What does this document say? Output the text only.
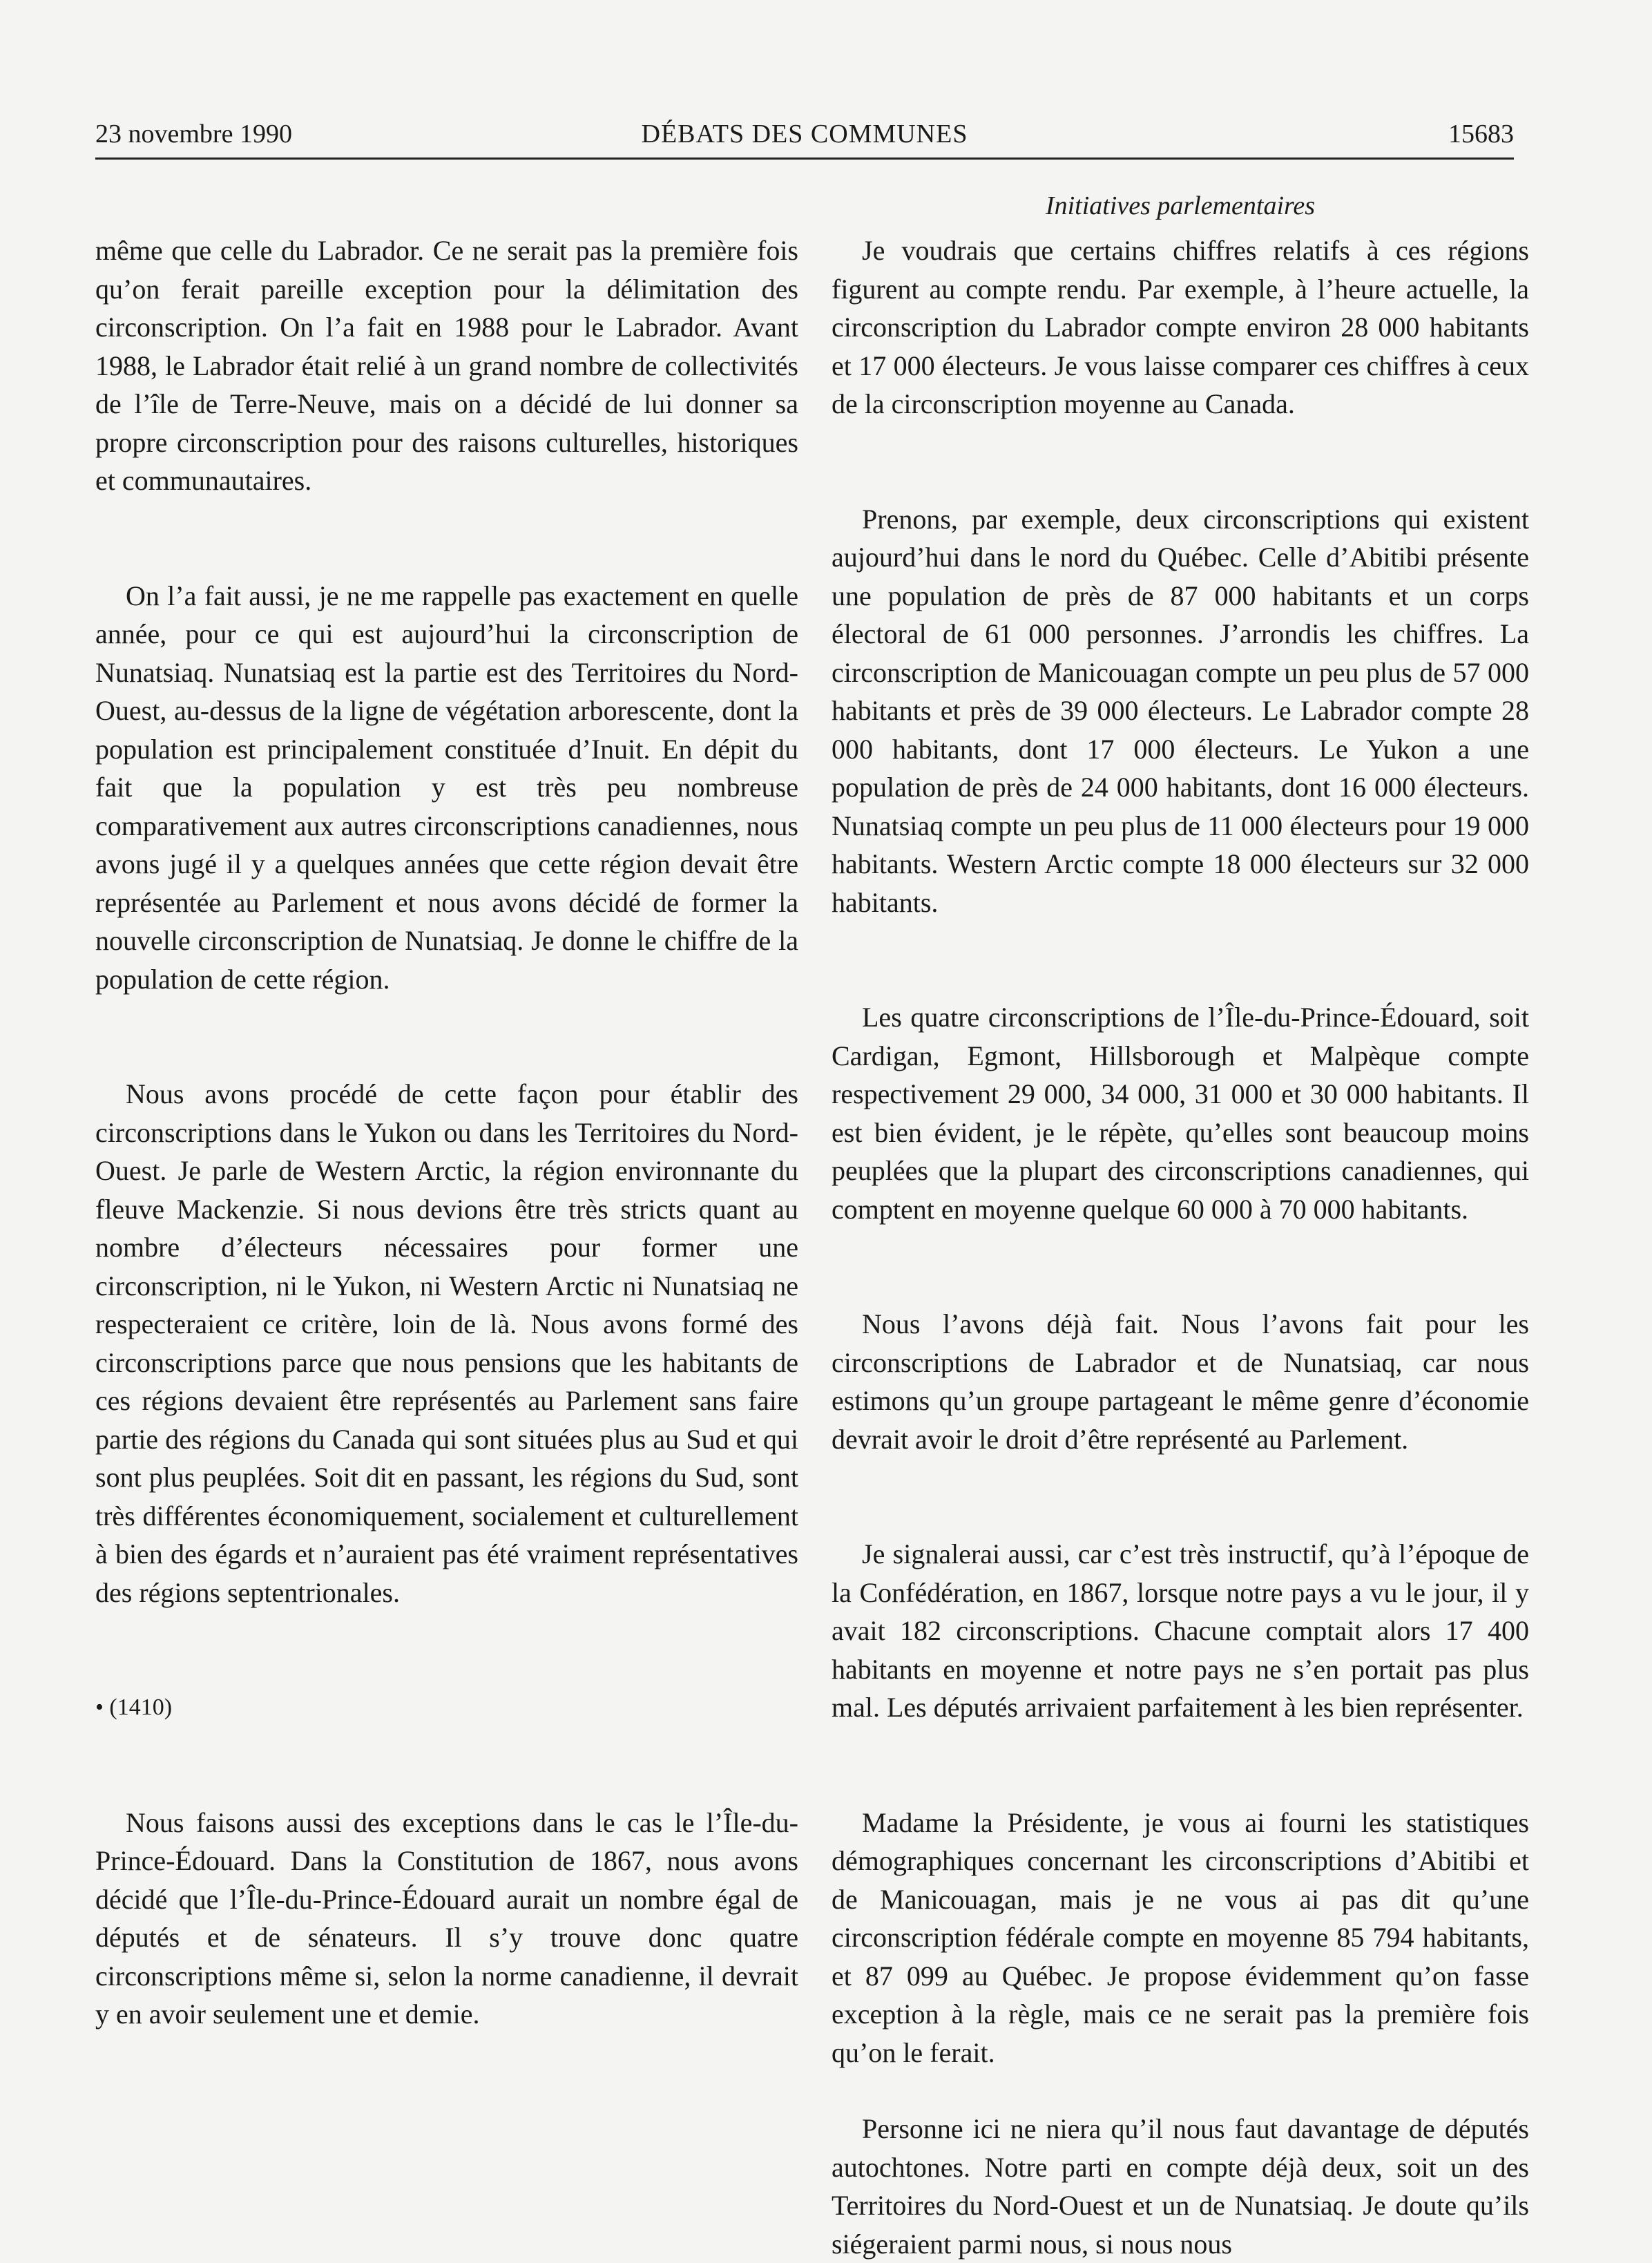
23 novembre 1990	DÉBATS DES COMMUNES	15683
Initiatives parlementaires

même que celle du Labrador. Ce ne serait pas la première fois qu’on ferait pareille exception pour la délimitation des circonscription. On l’a fait en 1988 pour le Labrador. Avant 1988, le Labrador était relié à un grand nombre de collectivités de l’île de Terre-Neuve, mais on a décidé de lui donner sa propre circonscription pour des raisons culturelles, historiques et communautaires.

On l’a fait aussi, je ne me rappelle pas exactement en quelle année, pour ce qui est aujourd’hui la circonscription de Nunatsiaq. Nunatsiaq est la partie est des Territoires du Nord-Ouest, au-dessus de la ligne de végétation arborescente, dont la population est principalement constituée d’Inuit. En dépit du fait que la population y est très peu nombreuse comparativement aux autres circonscriptions canadiennes, nous avons jugé il y a quelques années que cette région devait être représentée au Parlement et nous avons décidé de former la nouvelle circonscription de Nunatsiaq. Je donne le chiffre de la population de cette région.

Nous avons procédé de cette façon pour établir des circonscriptions dans le Yukon ou dans les Territoires du Nord-Ouest. Je parle de Western Arctic, la région environnante du fleuve Mackenzie. Si nous devions être très stricts quant au nombre d’électeurs nécessaires pour former une circonscription, ni le Yukon, ni Western Arctic ni Nunatsiaq ne respecteraient ce critère, loin de là. Nous avons formé des circonscriptions parce que nous pensions que les habitants de ces régions devaient être représentés au Parlement sans faire partie des régions du Canada qui sont situées plus au Sud et qui sont plus peuplées. Soit dit en passant, les régions du Sud, sont très différentes économiquement, socialement et culturellement à bien des égards et n’auraient pas été vraiment représentatives des régions septentrionales.

• (1410)

Nous faisons aussi des exceptions dans le cas le l’Île-du-Prince-Édouard. Dans la Constitution de 1867, nous avons décidé que l’Île-du-Prince-Édouard aurait un nombre égal de députés et de sénateurs. Il s’y trouve donc quatre circonscriptions même si, selon la norme canadienne, il devrait y en avoir seulement une et demie.

Je voudrais que certains chiffres relatifs à ces régions figurent au compte rendu. Par exemple, à l’heure actuelle, la circonscription du Labrador compte environ 28 000 habitants et 17 000 électeurs. Je vous laisse comparer ces chiffres à ceux de la circonscription moyenne au Canada.

Prenons, par exemple, deux circonscriptions qui existent aujourd’hui dans le nord du Québec. Celle d’Abitibi présente une population de près de 87 000 habitants et un corps électoral de 61 000 personnes. J’arrondis les chiffres. La circonscription de Manicouagan compte un peu plus de 57 000 habitants et près de 39 000 électeurs. Le Labrador compte 28 000 habitants, dont 17 000 électeurs. Le Yukon a une population de près de 24 000 habitants, dont 16 000 électeurs. Nunatsiaq compte un peu plus de 11 000 électeurs pour 19 000 habitants. Western Arctic compte 18 000 électeurs sur 32 000 habitants.

Les quatre circonscriptions de l’Île-du-Prince-Édouard, soit Cardigan, Egmont, Hillsborough et Malpèque compte respectivement 29 000, 34 000, 31 000 et 30 000 habitants. Il est bien évident, je le répète, qu’elles sont beaucoup moins peuplées que la plupart des circonscriptions canadiennes, qui comptent en moyenne quelque 60 000 à 70 000 habitants.

Nous l’avons déjà fait. Nous l’avons fait pour les circonscriptions de Labrador et de Nunatsiaq, car nous estimons qu’un groupe partageant le même genre d’économie devrait avoir le droit d’être représenté au Parlement.

Je signalerai aussi, car c’est très instructif, qu’à l’époque de la Confédération, en 1867, lorsque notre pays a vu le jour, il y avait 182 circonscriptions. Chacune comptait alors 17 400 habitants en moyenne et notre pays ne s’en portait pas plus mal. Les députés arrivaient parfaitement à les bien représenter.

Madame la Présidente, je vous ai fourni les statistiques démographiques concernant les circonscriptions d’Abitibi et de Manicouagan, mais je ne vous ai pas dit qu’une circonscription fédérale compte en moyenne 85 794 habitants, et 87 099 au Québec. Je propose évidemment qu’on fasse exception à la règle, mais ce ne serait pas la première fois qu’on le ferait.

Personne ici ne niera qu’il nous faut davantage de députés autochtones. Notre parti en compte déjà deux, soit un des Territoires du Nord-Ouest et un de Nunatsiaq. Je doute qu’ils siégeraient parmi nous, si nous nous
